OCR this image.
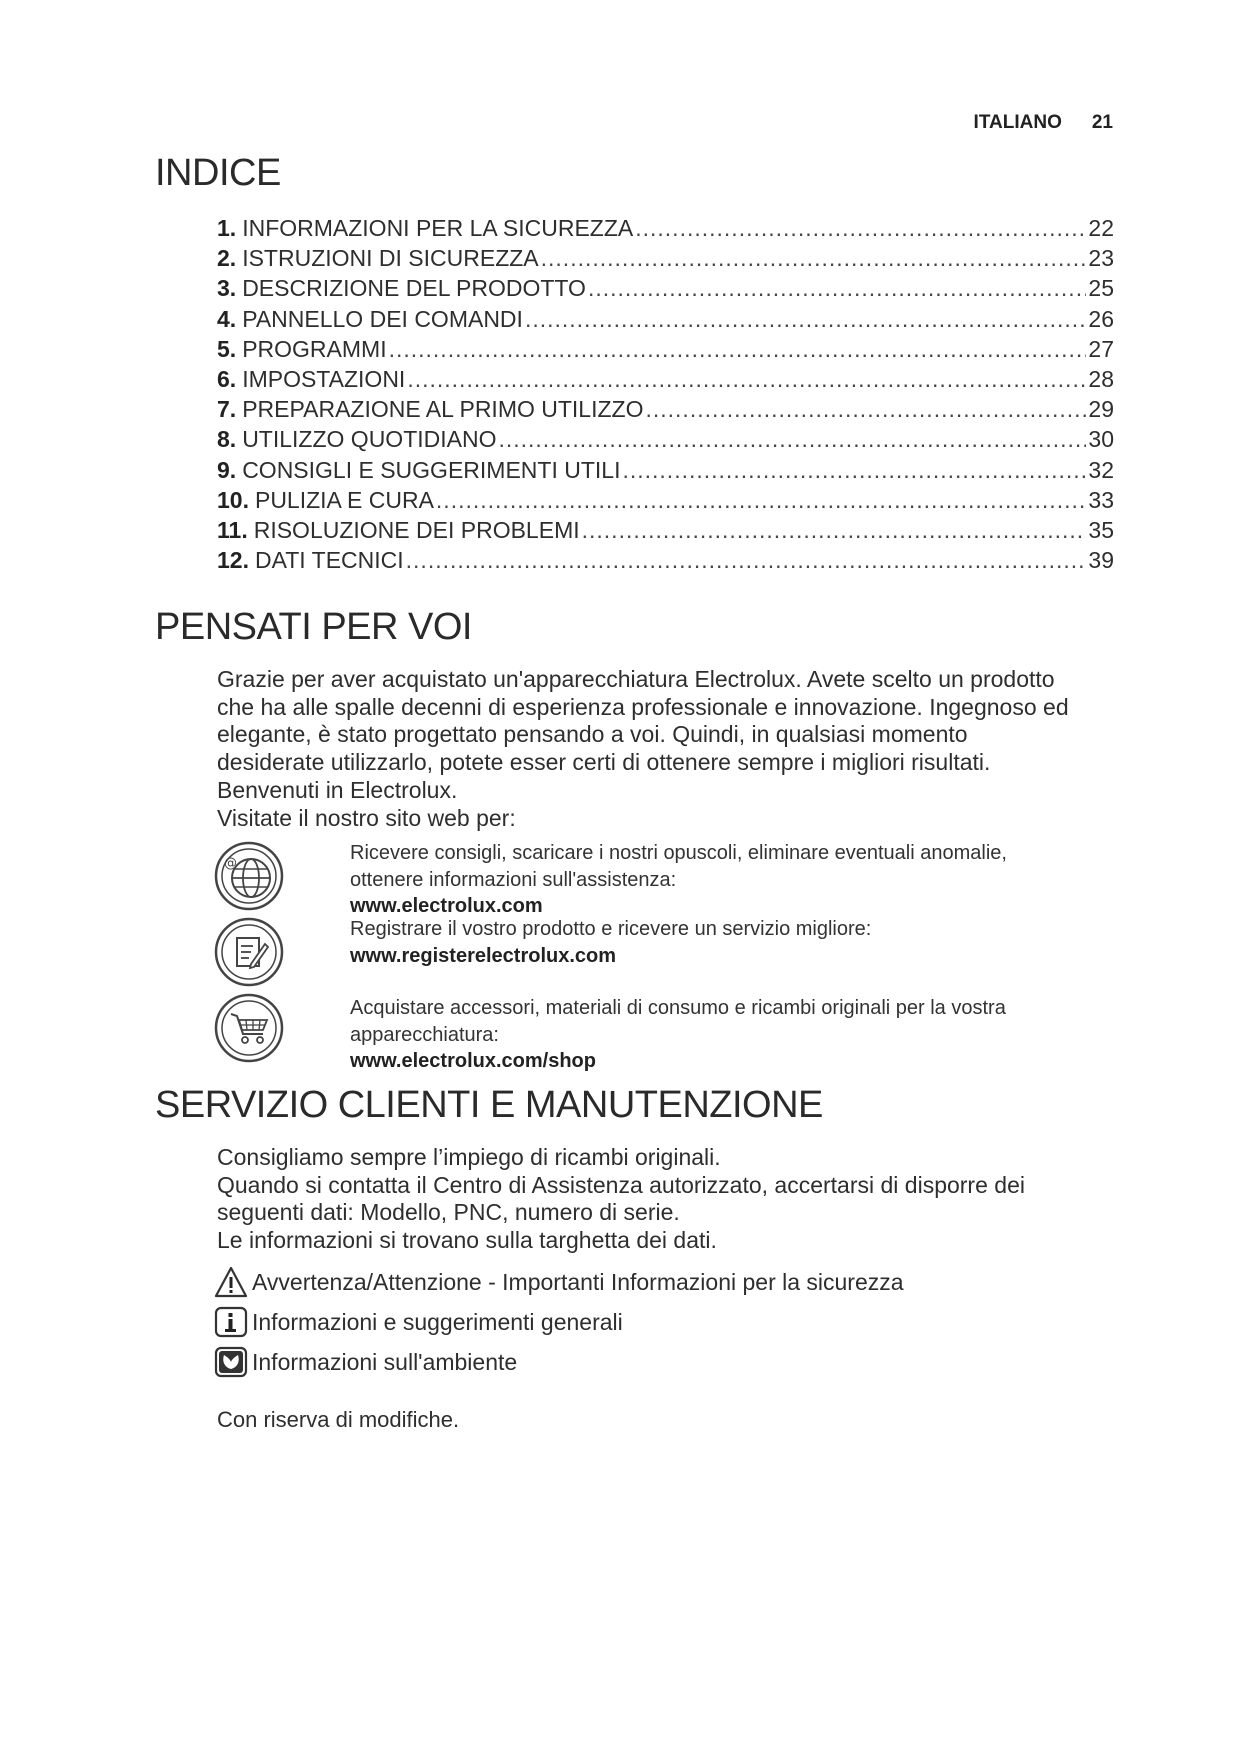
ITALIANO 21
INDICE
1. INFORMAZIONI PER LA SICUREZZA .....	22
2. ISTRUZIONI DI SICUREZZA .....	23
3. DESCRIZIONE DEL PRODOTTO .....	25
4. PANNELLO DEI COMANDI .....	26
5. PROGRAMMI .....	27
6. IMPOSTAZIONI .....	28
7. PREPARAZIONE AL PRIMO UTILIZZO .....	29
8. UTILIZZO QUOTIDIANO .....	30
9. CONSIGLI E SUGGERIMENTI UTILI .....	32
10. PULIZIA E CURA .....	33
11. RISOLUZIONE DEI PROBLEMI .....	35
12. DATI TECNICI .....	39
PENSATI PER VOI

Grazie per aver acquistato un'apparecchiatura Electrolux. Avete scelto un prodotto

che ha alle spalle decenni di esperienza professionale e innovazione. Ingegnoso ed

elegante, è stato progettato pensando a voi. Quindi, in qualsiasi momento

desiderate utilizzarlo, potete esser certi di ottenere sempre i migliori risultati.

Benvenuti in Electrolux.

Visitate il nostro sito web per:

@	Ricevere consigli, scaricare i nostri opuscoli, eliminare eventuali anomalie,
ottenere informazioni sull'assistenza:
www.electrolux.com
Registrare il vostro prodotto e ricevere un servizio migliore:
www.registerelectrolux.com
Acquistare accessori, materiali di consumo e ricambi originali per la vostra
apparecchiatura:
www.electrolux.com/shop
SERVIZIO CLIENTI E MANUTENZIONE

Consigliamo sempre l’impiego di ricambi originali.

Quando si contatta il Centro di Assistenza autorizzato, accertarsi di disporre dei

seguenti dati: Modello, PNC, numero di serie.

Le informazioni si trovano sulla targhetta dei dati.

Avvertenza/Attenzione - Importanti Informazioni per la sicurezza
Informazioni e suggerimenti generali
Informazioni sull'ambiente
Con riserva di modifiche.
